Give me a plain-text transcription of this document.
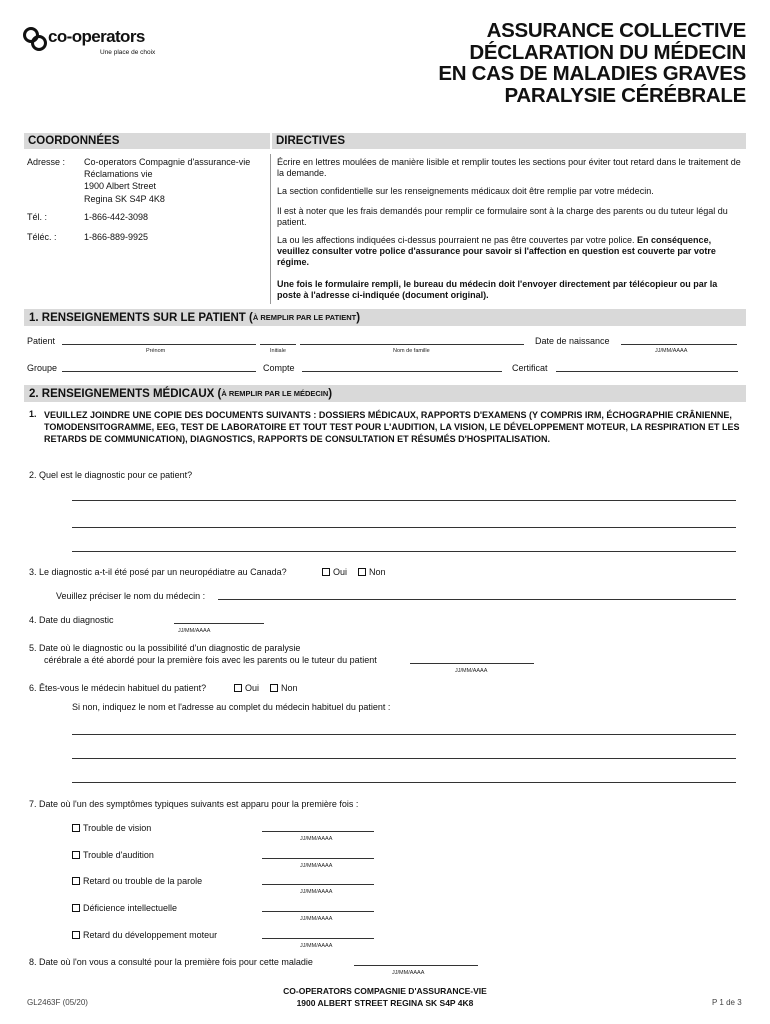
co-operators
Une place de choix
ASSURANCE COLLECTIVE
DÉCLARATION DU MÉDECIN
EN CAS DE MALADIES GRAVES
PARALYSIE CÉRÉBRALE
COORDONNÉES	DIRECTIVES
Adresse : Co-operators Compagnie d'assurance-vie
Réclamations vie
1900 Albert Street
Regina SK S4P 4K8
Tél. :	1-866-442-3098
Téléc. :	1-866-889-9925
Écrire en lettres moulées de manière lisible et remplir toutes les sections pour éviter tout retard dans le traitement de la demande.
La section confidentielle sur les renseignements médicaux doit être remplie par votre médecin.
Il est à noter que les frais demandés pour remplir ce formulaire sont à la charge des parents ou du tuteur légal du patient.
La ou les affections indiquées ci-dessus pourraient ne pas être couvertes par votre police. En conséquence, veuillez consulter votre police d'assurance pour savoir si l'affection en question est couverte par votre régime.
Une fois le formulaire rempli, le bureau du médecin doit l'envoyer directement par télécopieur ou par la poste à l'adresse ci-indiquée (document original).
1. RENSEIGNEMENTS SUR LE PATIENT ( À REMPLIR PAR LE PATIENT )
Patient
Prénom	Initiale	Nom de famille
Date de naissance
JJ/MM/AAAA
Groupe	Compte	Certificat
2. RENSEIGNEMENTS MÉDICAUX ( À REMPLIR PAR LE MÉDECIN )
1. VEUILLEZ JOINDRE UNE COPIE DES DOCUMENTS SUIVANTS : DOSSIERS MÉDICAUX, RAPPORTS D'EXAMENS (Y COMPRIS IRM, ÉCHOGRAPHIE CRÂNIENNE, TOMODENSITOGRAMME, EEG, TEST DE LABORATOIRE ET TOUT TEST POUR L'AUDITION, LA VISION, LE DÉVELOPPEMENT MOTEUR, LA RESPIRATION ET LES RETARDS DE COMMUNICATION), DIAGNOSTICS, RAPPORTS DE CONSULTATION ET RÉSUMÉS D'HOSPITALISATION.
2. Quel est le diagnostic pour ce patient?
3. Le diagnostic a-t-il été posé par un neuropédiatre au Canada?	Oui	Non
Veuillez préciser le nom du médecin :
4. Date du diagnostic
JJ/MM/AAAA
5. Date où le diagnostic ou la possibilité d'un diagnostic de paralysie
cérébrale a été abordé pour la première fois avec les parents ou le tuteur du patient
JJ/MM/AAAA
6. Êtes-vous le médecin habituel du patient?	Oui	Non
Si non, indiquez le nom et l'adresse au complet du médecin habituel du patient :
7. Date où l'un des symptômes typiques suivants est apparu pour la première fois :
Trouble de vision
JJ/MM/AAAA
Trouble d'audition
JJ/MM/AAAA
Retard ou trouble de la parole
JJ/MM/AAAA
Déficience intellectuelle
JJ/MM/AAAA
Retard du développement moteur
JJ/MM/AAAA
8. Date où l'on vous a consulté pour la première fois pour cette maladie
JJ/MM/AAAA
GL2463F (05/20)
CO-OPERATORS COMPAGNIE D'ASSURANCE-VIE
1900 ALBERT STREET REGINA SK S4P 4K8	P 1 de 3
